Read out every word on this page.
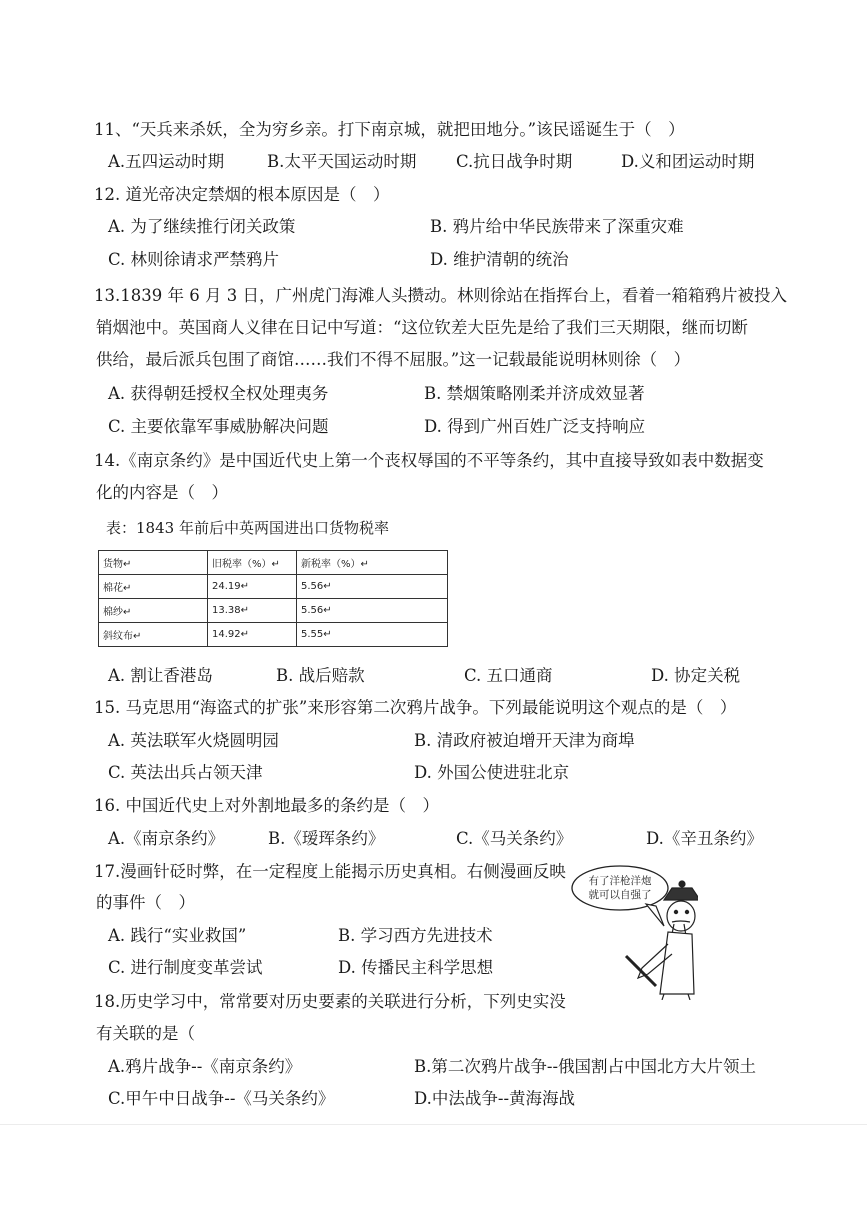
11、“天兵来杀妖，全为穷乡亲。打下南京城，就把田地分。”该民谣诞生于（　）
A.五四运动时期	B.太平天国运动时期 C.抗日战争时期	D.义和团运动时期
12. 道光帝决定禁烟的根本原因是（　）
A. 为了继续推行闭关政策	B. 鸦片给中华民族带来了深重灾难
C. 林则徐请求严禁鸦片	D. 维护清朝的统治
13.1839 年 6 月 3 日，广州虎门海滩人头攒动。林则徐站在指挥台上，看着一箱箱鸦片被投入
销烟池中。英国商人义律在日记中写道：“这位钦差大臣先是给了我们三天期限，继而切断
供给，最后派兵包围了商馆……我们不得不屈服。”这一记载最能说明林则徐（　）
A. 获得朝廷授权全权处理夷务	B. 禁烟策略刚柔并济成效显著
C. 主要依靠军事威胁解决问题	D. 得到广州百姓广泛支持响应
14.《南京条约》是中国近代史上第一个丧权辱国的不平等条约，其中直接导致如表中数据变
化的内容是（　）
表：1843 年前后中英两国进出口货物税率
货物↵	旧税率（%）↵	新税率（%）↵
棉花↵	24.19↵	5.56↵
棉纱↵	13.38↵	5.56↵
斜纹布↵	14.92↵	5.55↵
A. 割让香港岛	B. 战后赔款	C. 五口通商	D. 协定关税
15. 马克思用“海盗式的扩张”来形容第二次鸦片战争。下列最能说明这个观点的是（　）
A. 英法联军火烧圆明园	B. 清政府被迫增开天津为商埠
C. 英法出兵占领天津	D. 外国公使进驻北京
16. 中国近代史上对外割地最多的条约是（　）
A.《南京条约》	B.《瑷珲条约》	C.《马关条约》	D.《辛丑条约》
17.漫画针砭时弊，在一定程度上能揭示历史真相。右侧漫画反映
的事件（　）
A. 践行“实业救国”	B. 学习西方先进技术
C. 进行制度变革尝试	D. 传播民主科学思想
有了洋枪洋炮
就可以自强了
18.历史学习中，常常要对历史要素的关联进行分析，下列史实没
有关联的是（
A.鸦片战争--《南京条约》	B.第二次鸦片战争--俄国割占中国北方大片领土
C.甲午中日战争--《马关条约》	D.中法战争--黄海海战
